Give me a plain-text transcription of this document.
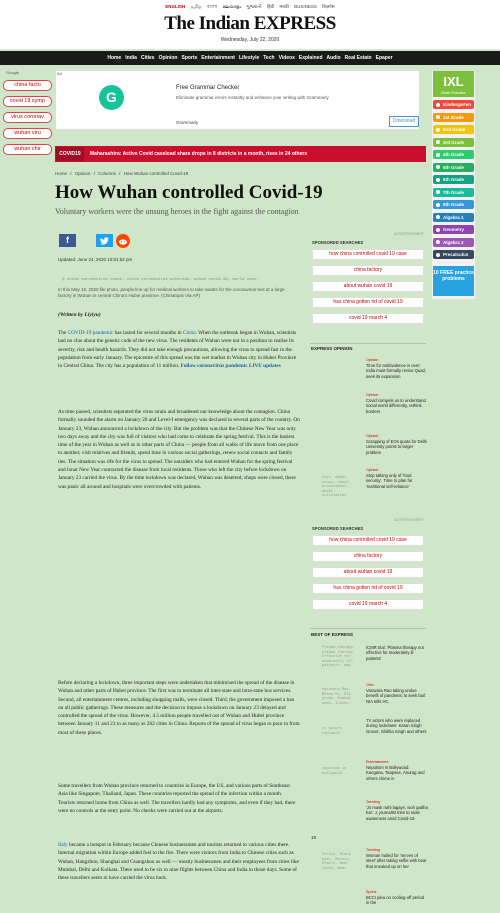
ENGLISH தமிழ் বাংলা മലയാളം ગુજરાતી हिंदी मराठी BUSINESS बिज़नेस
The Indian EXPRESS
Wednesday, July 22, 2020
Home India Cities Opinion Sports Entertainment Lifestyle Tech Videos Explained Audio Real Estate Epaper
Google
china facto
covid 19 symp
virus coronav
wuhan viru
wuhan chir
Ad
G
Free Grammar Checker
Eliminate grammar errors instantly and enhance your writing with Grammarly
Grammarly	Download
IXL
Math Practice
Kindergarten
1st Grade
2nd Grade
3rd Grade
4th Grade
5th Grade
6th Grade
7th Grade
8th Grade
Algebra 1
Geometry
Algebra 2
Precalculus
10 FREE practice problems
COVID19	Maharashtra: Active Covid caseload share drops in 8 districts in a month, rises in 24 others
Home / Opinion / Columns / How Wuhan controlled Covid-19
How Wuhan controlled Covid-19
Voluntary workers were the unsung heroes in the fight against the contagion
f
Updated: June 24, 2020 10:51:52 pm
▣ china coronavirus cases, china coronavirus outbreak, wuhan covid-19, world news,
In this May 15, 2020 file photo, people line up for medical workers to take swabs for the coronavirus test at a large factory in Wuhan in central China's Hubei province. (Chinatopix Via AP)
(Written by Liyiyu)
The COVID-19 pandemic has lasted for several months in China. When the outbreak began in Wuhan, scientists had no clue about the genetic code of the new virus. The residents of Wuhan were not in a position to realise its severity, risk and health hazards. They did not take enough precautions, allowing the virus to spread fast in the population from early January. The epicentre of this spread was the wet market in Wuhan city in Hubei Province in Central China. The city has a population of 11 million. Follow coronavirus pandemic LIVE updates
As time passed, scientists separated the virus strain and broadened our knowledge about the contagion. China formally sounded the alarm on January 20 and Level-I emergency was declared in several parts of the country. On January 23, Wuhan announced a lockdown of the city. But the problem was that the Chinese New Year was only two days away and the city was full of visitors who had come to celebrate the spring festival. This is the busiest time of the year in Wuhan as well as in other parts of China — people from all walks of life move from one place to another, visit relatives and friends, spend time in various social gatherings, renew social contacts and family ties. The situation was rife for the virus to spread. The outsiders who had entered Wuhan for the spring festival and lunar New Year contracted the disease from local residents. Those who left the city before lockdown on January 23 carried the virus. By the time lockdown was declared, Wuhan was deserted, shops were closed, there was panic all around and hospitals were overcrowded with patients.
Before declaring a lockdown, three important steps were undertaken that minimised the spread of the disease in Wuhan and other parts of Hubei province. The first was to terminate all inter-state and intra-state bus services. Second, all entertainment centres, including shopping malls, were closed. Third, the government imposed a ban on all public gatherings. These measures and the decision to impose a lockdown on January 23 delayed and controlled the spread of the virus. However, 4.5 million people travelled out of Wuhan and Hubei province between January 11 and 23 to as many as 262 cities in China. Reports of the spread of virus began to pour in from most of these places.
Some travellers from Wuhan province returned to countries in Europe, the US, and various parts of Southeast Asia like Singapore, Thailand, Japan. These countries reported the spread of the infection within a month. Tourists returned home from China as well. The travellers hardly had any symptoms, and even if they had, there were no controls at the entry point. No checks were carried out at the airports.
Italy became a hotspot in February because Chinese businessmen and tourists returned to various cities there. Internal migration within Europe added fuel to the fire. There were visitors from India to Chinese cities such as Wuhan, Hangzhou, Shanghai and Guangzhou as well — mostly businessmen and their employees from cities like Mumbai, Delhi and Kolkata. There used to be six to nine flights between China and India in those days. Some of these travellers seem to have carried the virus back.
ADVERTISEMENT
SPONSORED SEARCHES
how china controlled covid 19 case
china factory
about wuhan covid 19
has china gotten rid of covid 19
covid 19 march 4
EXPRESS OPINION
Opinion
Time for ambivalence is over: India must formally revive Quad, seek its expansion
Opinion
Covid compels us to understand social world differently, rethink borders
Opinion
Scrapping of EOs quota for Delhi University points to larger problem
diet, wheat
crops, wheat
procurement,
wheat
cultivation
Opinion
Stop talking only of 'food security'. Time to plan for 'nutritional self-reliance'
ADVERTISEMENT
SPONSORED SEARCHES
how china controlled covid 19 case
china factory
about wuhan covid 19
has china gotten rid of covid 19
covid 19 march 4
BEST OF EXPRESS
Plasma therapy,
plasma therapy
effective for
moderately ill
patients, may
ICMR trial: 'Plasma therapy not effective for moderately ill patients'
Varavara Rao,
Bhima KO, NIA
probe, Mumbai
news, Indian
Ohio
Varavara Rao taking undue benefit of pandemic to seek bail: NIA tells HC
tv actors
replaced
TV actors who were replaced during lockdown: Karan Singh Grover, Shikha Singh and others
nepotism in
bollywood
Entertainment
Nepotism in Bollywood: Kangana, Taapsee, Anurag and others chime in
Trending
'Jo mask nahi lagaye, woh gadha hai': J, journalist tries to raise awareness amid Covid-19
19
Selfie, Black
bear, Mexico,
Blaire, Bear
video, Bear
Trending
Woman hailed for 'nerves of steel' after taking selfie with bear that sneaked up on her
Sports
BCCI plea on cooling-off period in the
